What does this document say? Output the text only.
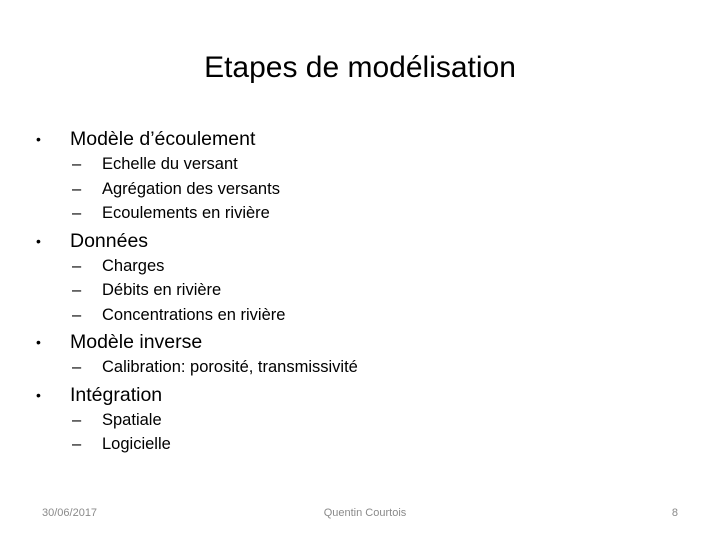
Etapes de modélisation
•	Modèle d’écoulement
–	Echelle du versant
–	Agrégation des versants
–	Ecoulements en rivière
•	Données
–	Charges
–	Débits en rivière
–	Concentrations en rivière
•	Modèle inverse
–	Calibration: porosité, transmissivité
•	Intégration
–	Spatiale
–	Logicielle
30/06/2017	Quentin Courtois	8
